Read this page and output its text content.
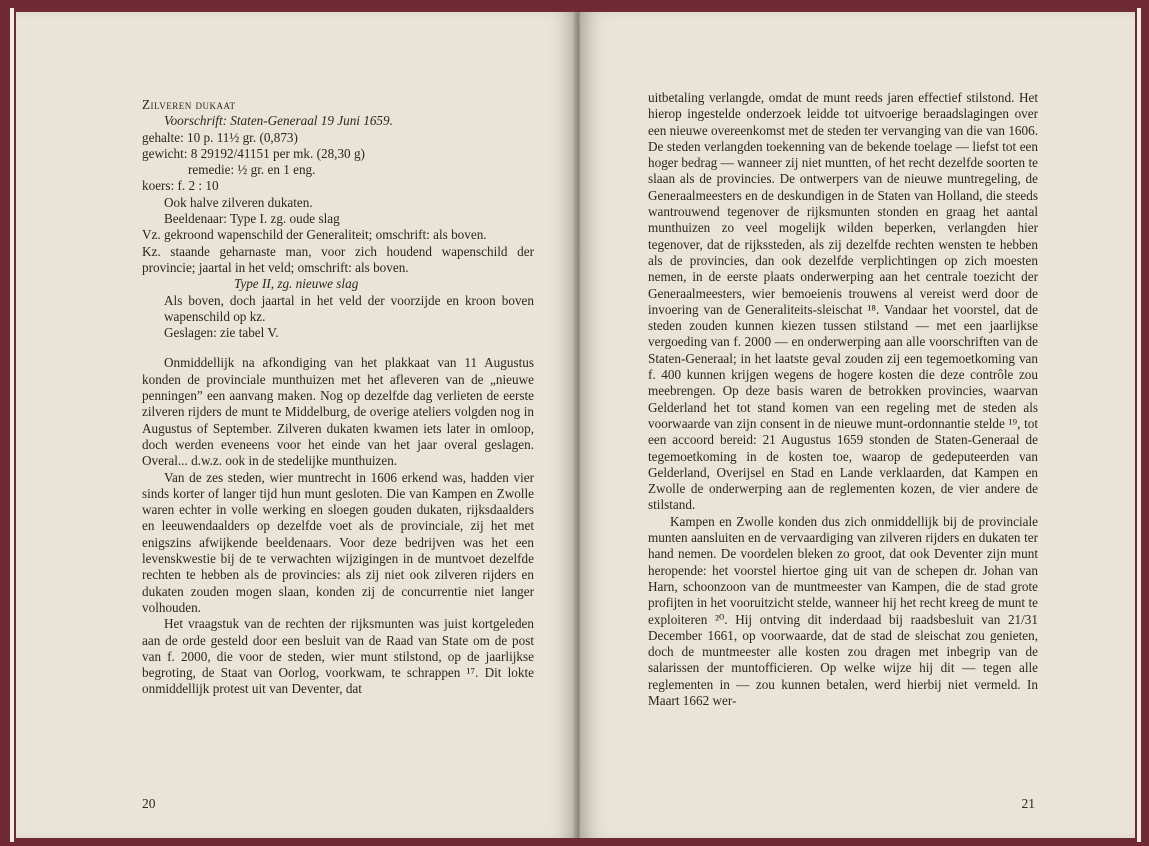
Zilveren dukaat

Voorschrift: Staten-Generaal 19 Juni 1659.

gehalte: 10 p. 11½ gr. (0,873)

gewicht: 8 29192/41151 per mk. (28,30 g)

remedie: ½ gr. en 1 eng.

koers: f. 2 : 10

Ook halve zilveren dukaten.

Beeldenaar: Type I. zg. oude slag

Vz. gekroond wapenschild der Generaliteit; omschrift: als boven.

Kz. staande geharnaste man, voor zich houdend wapenschild der provincie; jaartal in het veld; omschrift: als boven.

Type II, zg. nieuwe slag

Als boven, doch jaartal in het veld der voorzijde en kroon boven wapenschild op kz.

Geslagen: zie tabel V.

Onmiddellijk na afkondiging van het plakkaat van 11 Augustus konden de provinciale munthuizen met het afleveren van de „nieuwe penningen” een aanvang maken. Nog op dezelfde dag verlieten de eerste zilveren rijders de munt te Middelburg, de overige ateliers volgden nog in Augustus of September. Zilveren dukaten kwamen iets later in omloop, doch werden eveneens voor het einde van het jaar overal geslagen. Overal... d.w.z. ook in de stedelijke munthuizen.

Van de zes steden, wier muntrecht in 1606 erkend was, hadden vier sinds korter of langer tijd hun munt gesloten. Die van Kampen en Zwolle waren echter in volle werking en sloegen gouden dukaten, rijksdaalders en leeuwendaalders op dezelfde voet als de provinciale, zij het met enigszins afwijkende beeldenaars. Voor deze bedrijven was het een levenskwestie bij de te verwachten wijzigingen in de muntvoet dezelfde rechten te hebben als de provincies: als zij niet ook zilveren rijders en dukaten zouden mogen slaan, konden zij de concurrentie niet langer volhouden.

Het vraagstuk van de rechten der rijksmunten was juist kortgeleden aan de orde gesteld door een besluit van de Raad van State om de post van f. 2000, die voor de steden, wier munt stilstond, op de jaarlijkse begroting, de Staat van Oorlog, voorkwam, te schrappen ¹⁷. Dit lokte onmiddellijk protest uit van Deventer, dat

20

uitbetaling verlangde, omdat de munt reeds jaren effectief stilstond. Het hierop ingestelde onderzoek leidde tot uitvoerige beraadslagingen over een nieuwe overeenkomst met de steden ter vervanging van die van 1606. De steden verlangden toekenning van de bekende toelage — liefst tot een hoger bedrag — wanneer zij niet muntten, of het recht dezelfde soorten te slaan als de provincies. De ontwerpers van de nieuwe muntregeling, de Generaalmeesters en de deskundigen in de Staten van Holland, die steeds wantrouwend tegenover de rijksmunten stonden en graag het aantal munthuizen zo veel mogelijk wilden beperken, verlangden hier tegenover, dat de rijkssteden, als zij dezelfde rechten wensten te hebben als de provincies, dan ook dezelfde verplichtingen op zich moesten nemen, in de eerste plaats onderwerping aan het centrale toezicht der Generaalmeesters, wier bemoeienis trouwens al vereist werd door de invoering van de Generaliteits-sleischat ¹⁸. Vandaar het voorstel, dat de steden zouden kunnen kiezen tussen stilstand — met een jaarlijkse vergoeding van f. 2000 — en onderwerping aan alle voorschriften van de Staten-Generaal; in het laatste geval zouden zij een tegemoetkoming van f. 400 kunnen krijgen wegens de hogere kosten die deze contrôle zou meebrengen. Op deze basis waren de betrokken provincies, waarvan Gelderland het tot stand komen van een regeling met de steden als voorwaarde van zijn consent in de nieuwe munt-ordonnantie stelde ¹⁹, tot een accoord bereid: 21 Augustus 1659 stonden de Staten-Generaal de tegemoetkoming in de kosten toe, waarop de gedeputeerden van Gelderland, Overijsel en Stad en Lande verklaarden, dat Kampen en Zwolle de onderwerping aan de reglementen kozen, de vier andere de stilstand.

Kampen en Zwolle konden dus zich onmiddellijk bij de provinciale munten aansluiten en de vervaardiging van zilveren rijders en dukaten ter hand nemen. De voordelen bleken zo groot, dat ook Deventer zijn munt heropende: het voorstel hiertoe ging uit van de schepen dr. Johan van Harn, schoonzoon van de muntmeester van Kampen, die de stad grote profijten in het vooruitzicht stelde, wanneer hij het recht kreeg de munt te exploiteren ²⁰. Hij ontving dit inderdaad bij raadsbesluit van 21/31 December 1661, op voorwaarde, dat de stad de sleischat zou genieten, doch de muntmeester alle kosten zou dragen met inbegrip van de salarissen der muntofficieren. Op welke wijze hij dit — tegen alle reglementen in — zou kunnen betalen, werd hierbij niet vermeld. In Maart 1662 wer-

21
